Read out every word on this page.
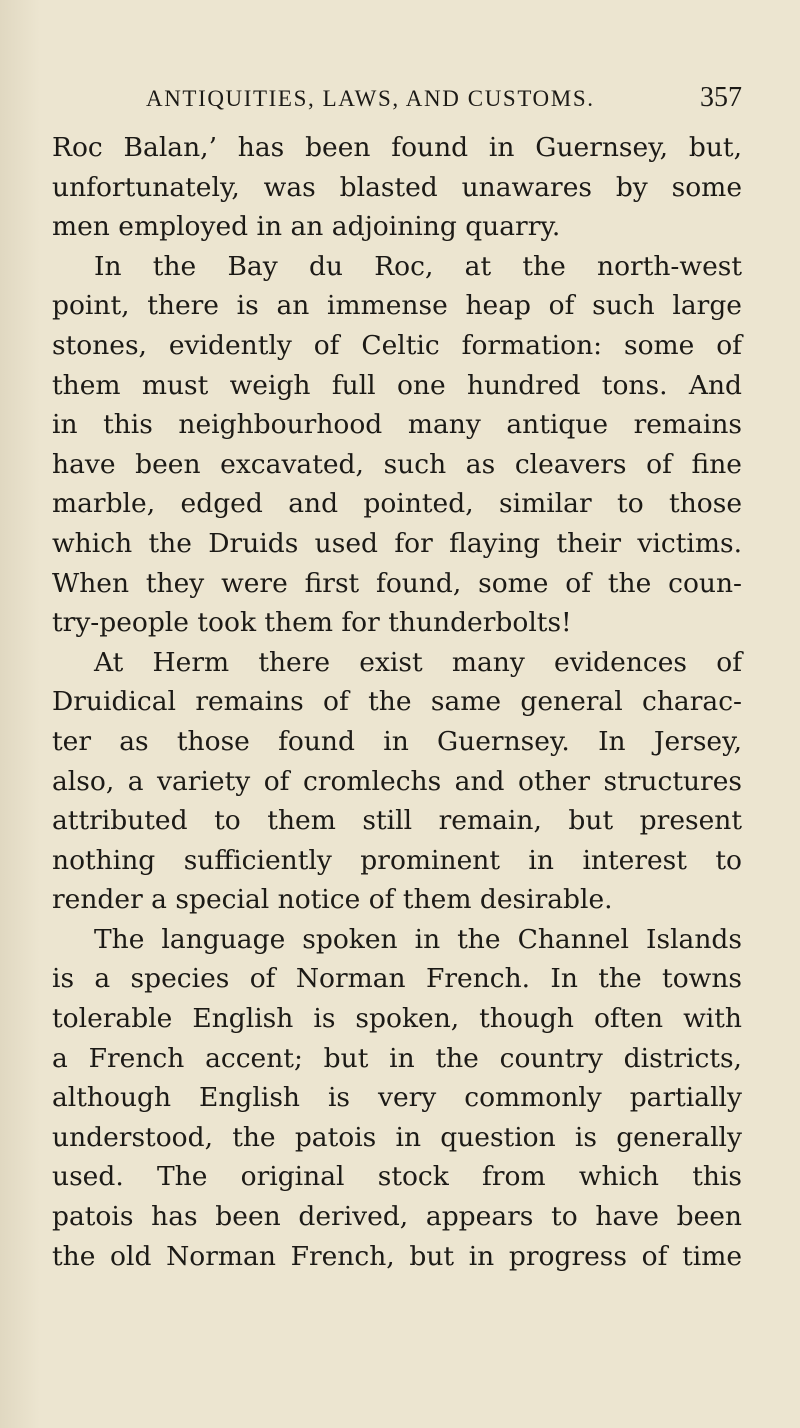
ANTIQUITIES, LAWS, AND CUSTOMS.	357
Roc Balan,’ has been found in Guernsey, but,
unfortunately, was blasted unawares by some
men employed in an adjoining quarry.
In the Bay du Roc, at the north-west
point, there is an immense heap of such large
stones, evidently of Celtic formation: some of
them must weigh full one hundred tons. And
in this neighbourhood many antique remains
have been excavated, such as cleavers of fine
marble, edged and pointed, similar to those
which the Druids used for flaying their victims.
When they were first found, some of the coun-
try-people took them for thunderbolts!
At Herm there exist many evidences of
Druidical remains of the same general charac-
ter as those found in Guernsey. In Jersey,
also, a variety of cromlechs and other structures
attributed to them still remain, but present
nothing sufficiently prominent in interest to
render a special notice of them desirable.
The language spoken in the Channel Islands
is a species of Norman French. In the towns
tolerable English is spoken, though often with
a French accent; but in the country districts,
although English is very commonly partially
understood, the patois in question is generally
used. The original stock from which this
patois has been derived, appears to have been
the old Norman French, but in progress of time
